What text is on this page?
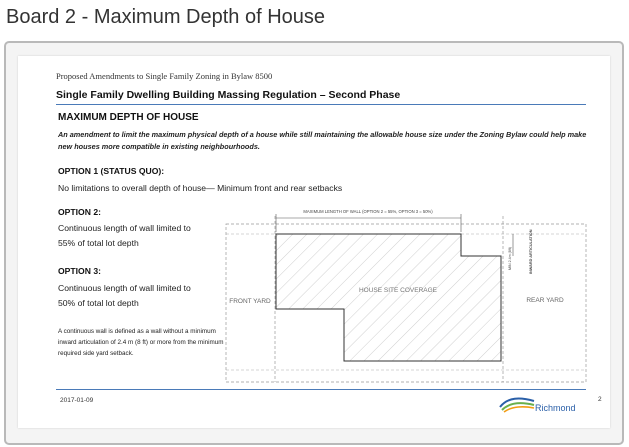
Board 2 - Maximum Depth of House
Proposed Amendments to Single Family Zoning in Bylaw 8500
Single Family Dwelling Building Massing Regulation – Second Phase
MAXIMUM DEPTH OF HOUSE
An amendment to limit the maximum physical depth of a house while still maintaining the allowable house size under the Zoning Bylaw could help make new houses more compatible in existing neighbourhoods.
OPTION 1 (STATUS QUO):
No limitations to overall depth of house— Minimum front and rear setbacks
OPTION 2:
Continuous length of wall limited to
55% of total lot depth
OPTION 3:
Continuous length of wall limited to
50% of total lot depth
A continuous wall is defined as a wall without a minimum inward articulation of 2.4 m (8 ft) or more from the minimum required side yard setback.
MAXIMUM LENGTH OF WALL (OPTION 2 = 55%, OPTION 3 = 50%)
MIN 2.4m (8ft)	INWARD ARTICULATION
FRONT YARD	REAR YARD
HOUSE SITE COVERAGE
2017-01-09
Richmond
2
